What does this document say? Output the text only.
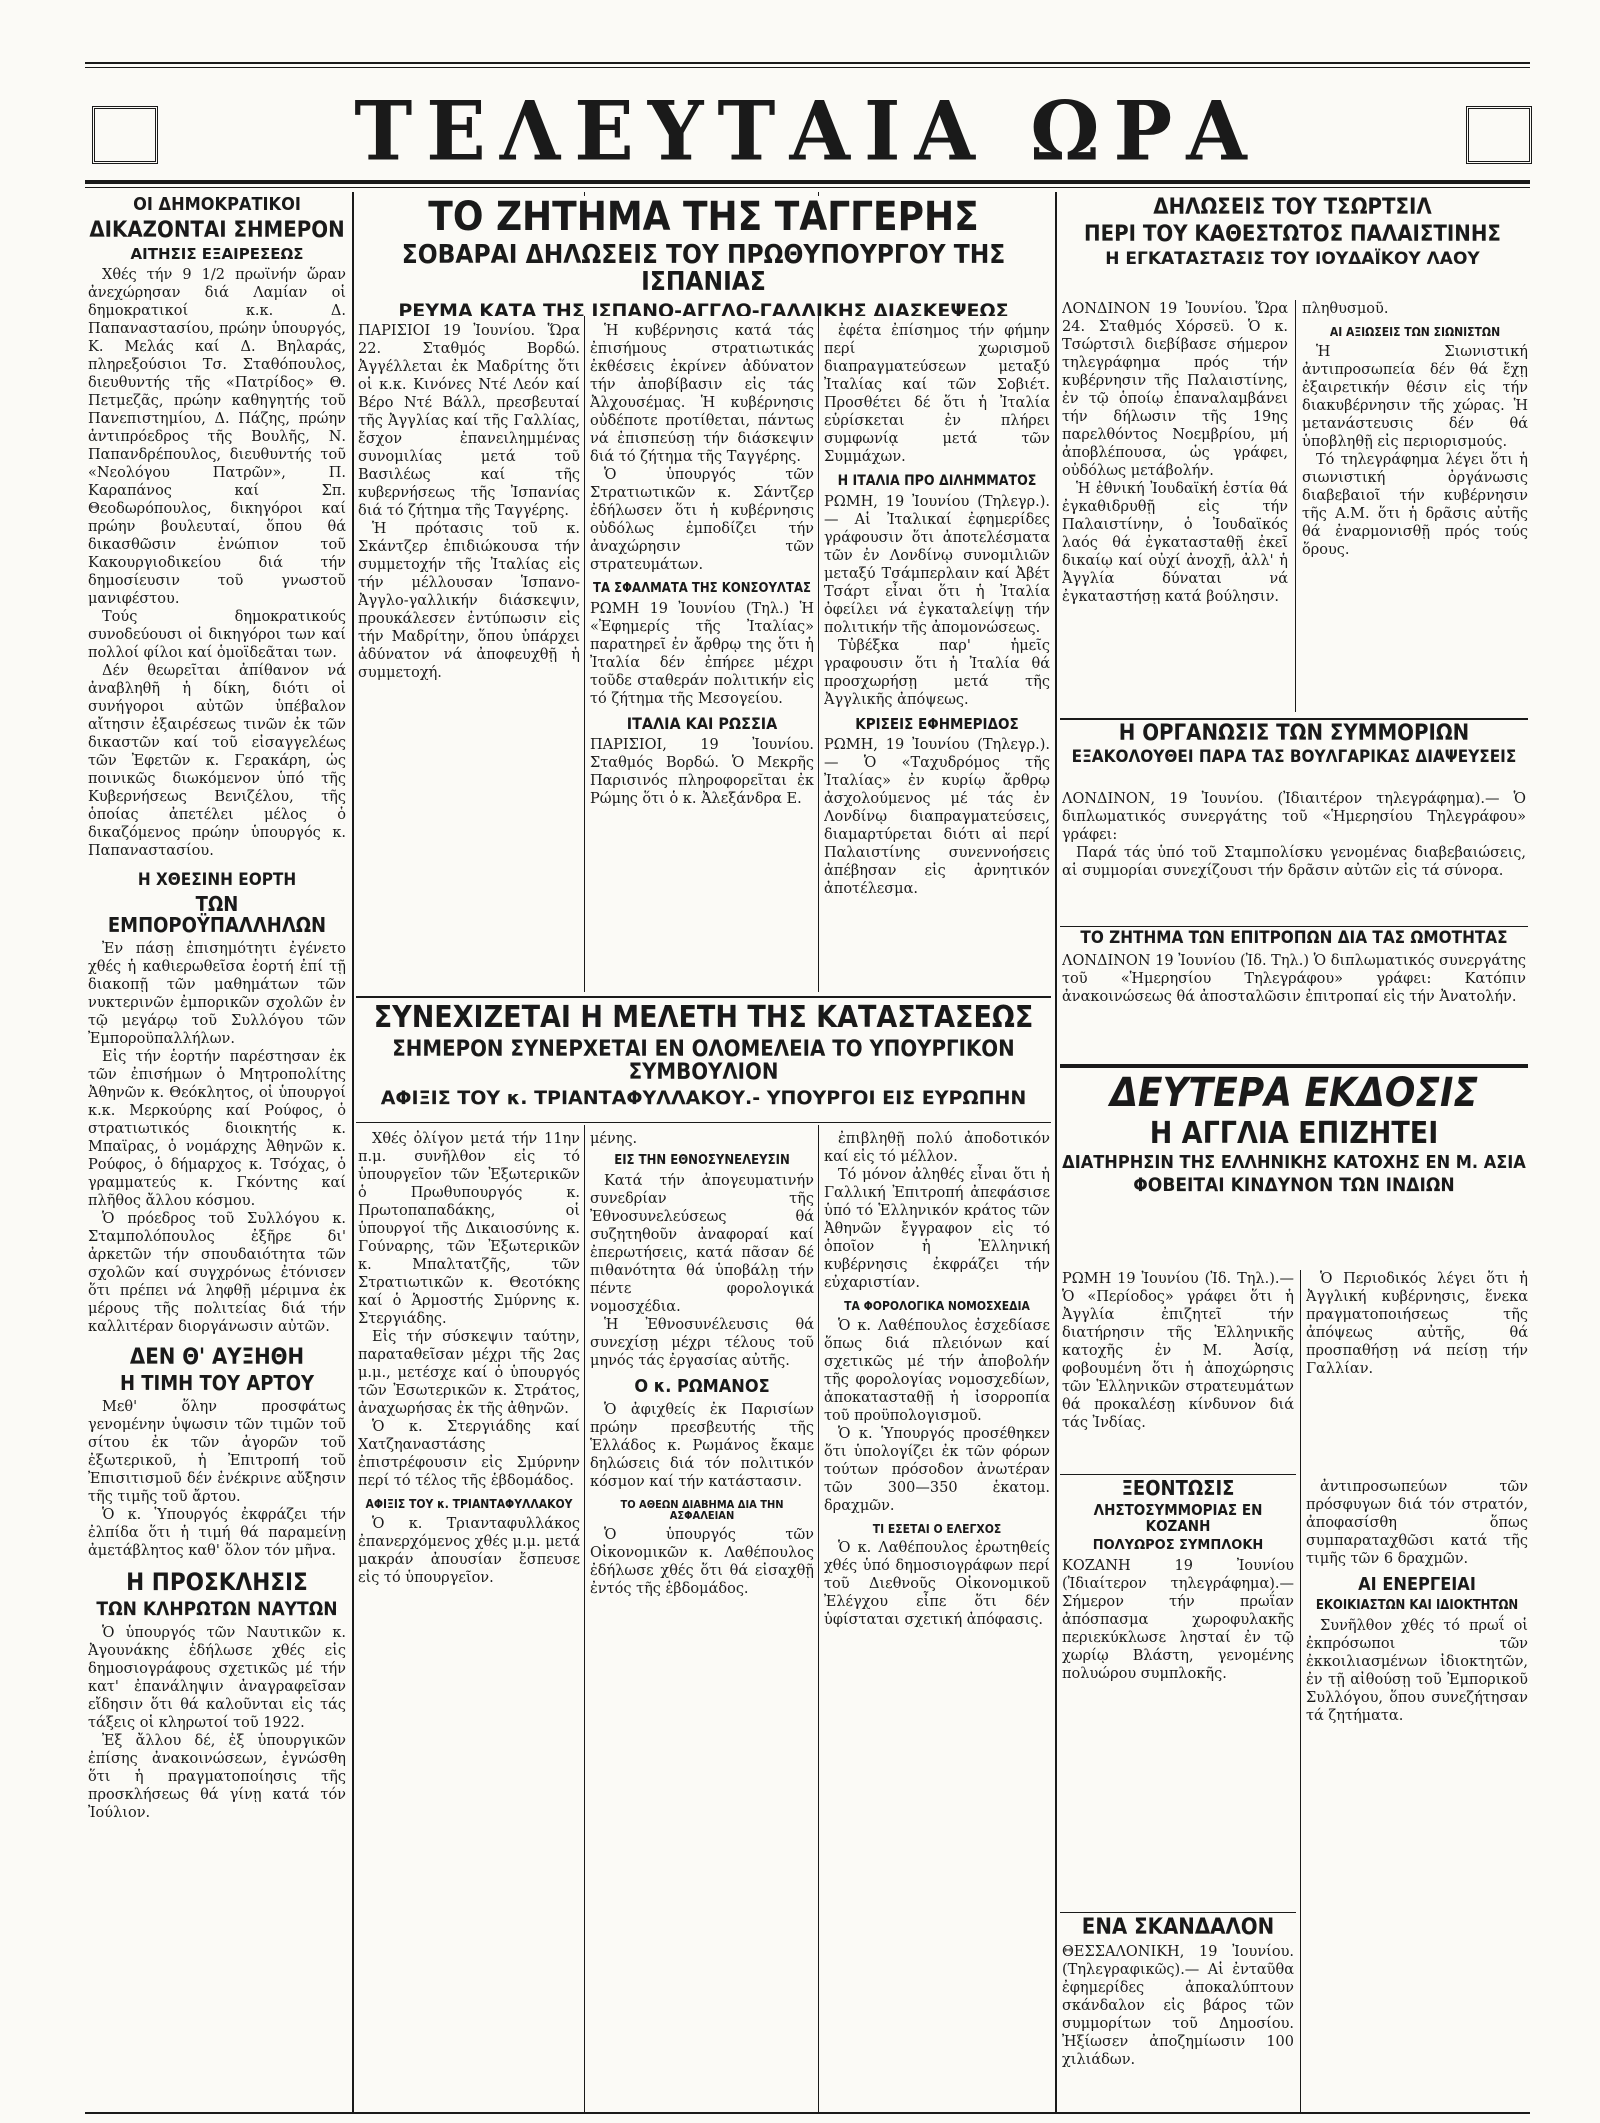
ΤΕΛΕΥΤΑΙΑ ΩΡΑ
ΟΙ ΔΗΜΟΚΡΑΤΙΚΟΙ
ΔΙΚΑΖΟΝΤΑΙ ΣΗΜΕΡΟΝ
ΑΙΤΗΣΙΣ ΕΞΑΙΡΕΣΕΩΣ

Χθές τήν 9 1/2 πρωϊνήν ὥραν ἀνεχώρησαν διά Λαμίαν οἱ δημοκρατικοί κ.κ. Δ. Παπαναστασίου, πρώην ὑπουργός, Κ. Μελάς καί Δ. Βηλαράς, πληρεξούσιοι Τσ. Σταθόπουλος, διευθυντής τῆς «Πατρίδος» Θ. Πετμεζᾶς, πρώην καθηγητής τοῦ Πανεπιστημίου, Δ. Πάζης, πρώην ἀντιπρόεδρος τῆς Βουλῆς, Ν. Παπανδρέπουλος, διευθυντής τοῦ «Νεολόγου Πατρῶν», Π. Καραπάνος καί Σπ. Θεοδωρόπουλος, δικηγόροι καί πρώην βουλευταί, ὅπου θά δικασθῶσιν ἐνώπιον τοῦ Κακουργιοδικείου διά τήν δημοσίευσιν τοῦ γνωστοῦ μανιφέστου.

Τούς δημοκρατικούς συνοδεύουσι οἱ δικηγόροι των καί πολλοί φίλοι καί ὁμοϊδεᾶται των.

Δέν θεωρεῖται ἀπίθανον νά ἀναβληθῆ ἡ δίκη, διότι οἱ συνήγοροι αὐτῶν ὑπέβαλον αἴτησιν ἐξαιρέσεως τινῶν ἐκ τῶν δικαστῶν καί τοῦ εἰσαγγελέως τῶν Ἐφετῶν κ. Γερακάρη, ὡς ποινικῶς διωκόμενον ὑπό τῆς Κυβερνήσεως Βενιζέλου, τῆς ὁποίας ἀπετέλει μέλος ὁ δικαζόμενος πρώην ὑπουργός κ. Παπαναστασίου.

Η ΧΘΕΣΙΝΗ ΕΟΡΤΗ
ΤΩΝ ΕΜΠΟΡΟΫΠΑΛΛΗΛΩΝ

Ἐν πάσῃ ἐπισημότητι ἐγένετο χθές ἡ καθιερωθεῖσα ἑορτή ἐπί τῇ διακοπῇ τῶν μαθημάτων τῶν νυκτερινῶν ἐμπορικῶν σχολῶν ἐν τῷ μεγάρῳ τοῦ Συλλόγου τῶν Ἐμποροϋπαλλήλων.

Εἰς τήν ἑορτήν παρέστησαν ἐκ τῶν ἐπισήμων ὁ Μητροπολίτης Ἀθηνῶν κ. Θεόκλητος, οἱ ὑπουργοί κ.κ. Μερκούρης καί Ρούφος, ὁ στρατιωτικός διοικητής κ. Μπαϊρας, ὁ νομάρχης Ἀθηνῶν κ. Ρούφος, ὁ δήμαρχος κ. Τσόχας, ὁ γραμματεύς κ. Γκόντης καί πλῆθος ἄλλου κόσμου.

Ὁ πρόεδρος τοῦ Συλλόγου κ. Σταμπολόπουλος ἐξῆρε δι' ἀρκετῶν τήν σπουδαιότητα τῶν σχολῶν καί συγχρόνως ἐτόνισεν ὅτι πρέπει νά ληφθῇ μέριμνα ἐκ μέρους τῆς πολιτείας διά τήν καλλιτέραν διοργάνωσιν αὐτῶν.

ΔΕΝ Θ' ΑΥΞΗΘΗ
Η ΤΙΜΗ ΤΟΥ ΑΡΤΟΥ

Μεθ' ὅλην προσφάτως γενομένην ὑψωσιν τῶν τιμῶν τοῦ σίτου ἐκ τῶν ἀγορῶν τοῦ ἐξωτερικοῦ, ἡ Ἐπιτροπή τοῦ Ἐπισιτισμοῦ δέν ἐνέκρινε αὔξησιν τῆς τιμῆς τοῦ ἄρτου.

Ὁ κ. Ὑπουργός ἐκφράζει τήν ἐλπίδα ὅτι ἡ τιμή θά παραμείνῃ ἀμετάβλητος καθ' ὅλον τόν μῆνα.

Η ΠΡΟΣΚΛΗΣΙΣ
ΤΩΝ ΚΛΗΡΩΤΩΝ ΝΑΥΤΩΝ

Ὁ ὑπουργός τῶν Ναυτικῶν κ. Ἀγουνάκης ἐδήλωσε χθές εἰς δημοσιογράφους σχετικῶς μέ τήν κατ' ἐπανάληψιν ἀναγραφεῖσαν εἴδησιν ὅτι θά καλοῦνται εἰς τάς τάξεις οἱ κληρωτοί τοῦ 1922.

Ἐξ ἄλλου δέ, ἐξ ὑπουργικῶν ἐπίσης ἀνακοινώσεων, ἐγνώσθη ὅτι ἡ πραγματοποίησις τῆς προσκλήσεως θά γίνῃ κατά τόν Ἰούλιον.

ΤΟ ΖΗΤΗΜΑ ΤΗΣ ΤΑΓΓΕΡΗΣ
ΣΟΒΑΡΑΙ ΔΗΛΩΣΕΙΣ ΤΟΥ ΠΡΩΘΥΠΟΥΡΓΟΥ ΤΗΣ ΙΣΠΑΝΙΑΣ
ΡΕΥΜΑ ΚΑΤΑ ΤΗΣ ΙΣΠΑΝΟ-ΑΓΓΛΟ-ΓΑΛΛΙΚΗΣ ΔΙΑΣΚΕΨΕΩΣ

ΠΑΡΙΣΙΟΙ 19 Ἰουνίου. Ὥρα 22. Σταθμός Βορδώ. Ἀγγέλλεται ἐκ Μαδρίτης ὅτι οἱ κ.κ. Κινόνες Ντέ Λεόν καί Βέρο Ντέ Βάλλ, πρεσβευταί τῆς Ἀγγλίας καί τῆς Γαλλίας, ἔσχον ἐπανειλημμένας συνομιλίας μετά τοῦ Βασιλέως καί τῆς κυβερνήσεως τῆς Ἰσπανίας διά τό ζήτημα τῆς Ταγγέρης.

Ἡ πρότασις τοῦ κ. Σκάντζερ ἐπιδιώκουσα τήν συμμετοχήν τῆς Ἰταλίας εἰς τήν μέλλουσαν Ἱσπανο-Ἀγγλο-γαλλικήν διάσκεψιν, προυκάλεσεν ἐντύπωσιν εἰς τήν Μαδρίτην, ὅπου ὑπάρχει ἀδύνατον νά ἀποφευχθῇ ἡ συμμετοχή.

Ἡ κυβέρνησις κατά τάς ἐπισήμους στρατιωτικάς ἐκθέσεις ἐκρίνεν ἀδύνατον τήν ἀποβίβασιν εἰς τάς Ἀλχουσέμας. Ἡ κυβέρνησις οὐδέποτε προτίθεται, πάντως νά ἐπισπεύσῃ τήν διάσκεψιν διά τό ζήτημα τῆς Ταγγέρης.

Ὁ ὑπουργός τῶν Στρατιωτικῶν κ. Σάντζερ ἐδήλωσεν ὅτι ἡ κυβέρνησις οὐδόλως ἐμποδίζει τήν ἀναχώρησιν τῶν στρατευμάτων.

ΤΑ ΣΦΑΛΜΑΤΑ ΤΗΣ ΚΟΝΣΟΥΛΤΑΣ

ΡΩΜΗ 19 Ἰουνίου (Τηλ.) Ἡ «Ἐφημερίς τῆς Ἰταλίας» παρατηρεῖ ἐν ἄρθρῳ της ὅτι ἡ Ἰταλία δέν ἐπήρεε μέχρι τοῦδε σταθεράν πολιτικήν εἰς τό ζήτημα τῆς Μεσογείου.

ΙΤΑΛΙΑ ΚΑΙ ΡΩΣΣΙΑ

ΠΑΡΙΣΙΟΙ, 19 Ἰουνίου. Σταθμός Βορδώ. Ὁ Μεκρῆς Παρισινός πληροφορεῖται ἐκ Ρώμης ὅτι ὁ κ. Ἀλεξάνδρα Ε.

ἐφέτα ἐπίσημος τήν φήμην περί χωρισμοῦ διαπραγματεύσεων μεταξύ Ἰταλίας καί τῶν Σοβιέτ. Προσθέτει δέ ὅτι ἡ Ἰταλία εὑρίσκεται ἐν πλήρει συμφωνίᾳ μετά τῶν Συμμάχων.

Η ΙΤΑΛΙΑ ΠΡΟ ΔΙΛΗΜΜΑΤΟΣ

ΡΩΜΗ, 19 Ἰουνίου (Τηλεγρ.). — Αἱ Ἰταλικαί ἐφημερίδες γράφουσιν ὅτι ἀποτελέσματα τῶν ἐν Λονδίνῳ συνομιλιῶν μεταξύ Τσάμπερλαιν καί Ἀβέτ Τσάρτ εἶναι ὅτι ἡ Ἰταλία ὀφείλει νά ἐγκαταλείψῃ τήν πολιτικήν τῆς ἀπομονώσεως.

Τὐβέξκα παρ' ἡμεῖς γραφουσιν ὅτι ἡ Ἰταλία θά προσχωρήσῃ μετά τῆς Ἀγγλικῆς ἀπόψεως.

ΚΡΙΣΕΙΣ ΕΦΗΜΕΡΙΔΟΣ

ΡΩΜΗ, 19 Ἰουνίου (Τηλεγρ.).— Ὁ «Ταχυδρόμος τῆς Ἰταλίας» ἐν κυρίῳ ἄρθρῳ ἀσχολούμενος μέ τάς ἐν Λονδίνῳ διαπραγματεύσεις, διαμαρτύρεται διότι αἱ περί Παλαιστίνης συνεννοήσεις ἀπέβησαν εἰς ἀρνητικόν ἀποτέλεσμα.

ΣΥΝΕΧΙΖΕΤΑΙ Η ΜΕΛΕΤΗ ΤΗΣ ΚΑΤΑΣΤΑΣΕΩΣ
ΣΗΜΕΡΟΝ ΣΥΝΕΡΧΕΤΑΙ ΕΝ ΟΛΟΜΕΛΕΙΑ ΤΟ ΥΠΟΥΡΓΙΚΟΝ ΣΥΜΒΟΥΛΙΟΝ
ΑΦΙΞΙΣ ΤΟΥ κ. ΤΡΙΑΝΤΑΦΥΛΛΑΚΟΥ.- ΥΠΟΥΡΓΟΙ ΕΙΣ ΕΥΡΩΠΗΝ

Χθές ὀλίγον μετά τήν 11ην π.μ. συνῆλθον εἰς τό ὑπουργεῖον τῶν Ἐξωτερικῶν ὁ Πρωθυπουργός κ. Πρωτοπαπαδάκης, οἱ ὑπουργοί τῆς Δικαιοσύνης κ. Γούναρης, τῶν Ἐξωτερικῶν κ. Μπαλτατζῆς, τῶν Στρατιωτικῶν κ. Θεοτόκης καί ὁ Ἁρμοστής Σμύρνης κ. Στεργιάδης.

Εἰς τήν σύσκεψιν ταύτην, παραταθεῖσαν μέχρι τῆς 2ας μ.μ., μετέσχε καί ὁ ὑπουργός τῶν Ἐσωτερικῶν κ. Στράτος, ἀναχωρήσας ἐκ τῆς ἀθηνῶν.

Ὁ κ. Στεργιάδης καί Χατζηαναστάσης ἐπιστρέφουσιν εἰς Σμύρνην περί τό τέλος τῆς ἑβδομάδος.

ΑΦΙΞΙΣ ΤΟΥ κ. ΤΡΙΑΝΤΑΦΥΛΛΑΚΟΥ

Ὁ κ. Τριανταφυλλάκος ἐπανερχόμενος χθές μ.μ. μετά μακράν ἀπουσίαν ἔσπευσε εἰς τό ὑπουργεῖον.

μένης.

ΕΙΣ ΤΗΝ ΕΘΝΟΣΥΝΕΛΕΥΣΙΝ

Κατά τήν ἀπογευματινήν συνεδρίαν τῆς Ἐθνοσυνελεύσεως θά συζητηθοῦν ἀναφοραί καί ἐπερωτήσεις, κατά πᾶσαν δέ πιθανότητα θά ὑποβάλῃ τήν πέντε φορολογικά νομοσχέδια.

Ἡ Ἐθνοσυνέλευσις θά συνεχίσῃ μέχρι τέλους τοῦ μηνός τάς ἐργασίας αὐτῆς.

Ο κ. ΡΩΜΑΝΟΣ

Ὁ ἀφιχθείς ἐκ Παρισίων πρώην πρεσβευτής τῆς Ἑλλάδος κ. Ρωμάνος ἔκαμε δηλώσεις διά τόν πολιτικόν κόσμον καί τήν κατάστασιν.

ΤΟ ΑΘΕΩΝ ΔΙΑΒΗΜΑ ΔΙΑ ΤΗΝ ΑΣΦΑΛΕΙΑΝ

Ὁ ὑπουργός τῶν Οἰκονομικῶν κ. Λαθέπουλος ἐδήλωσε χθές ὅτι θά εἰσαχθῇ ἐντός τῆς ἑβδομάδος.

ἐπιβληθῇ πολύ ἀποδοτικόν καί εἰς τό μέλλον.

Τό μόνον ἀληθές εἶναι ὅτι ἡ Γαλλική Ἐπιτροπή ἀπεφάσισε ὑπό τό Ἑλληνικόν κράτος τῶν Ἀθηνῶν ἔγγραφον εἰς τό ὁποῖον ἡ Ἑλληνική κυβέρνησις ἐκφράζει τήν εὐχαριστίαν.

ΤΑ ΦΟΡΟΛΟΓΙΚΑ ΝΟΜΟΣΧΕΔΙΑ

Ὁ κ. Λαθέπουλος ἐσχεδίασε ὅπως διά πλειόνων καί σχετικῶς μέ τήν ἀποβολήν τῆς φορολογίας νομοσχεδίων, ἀποκατασταθῇ ἡ ἰσορροπία τοῦ προϋπολογισμοῦ.

Ὁ κ. Ὑπουργός προσέθηκεν ὅτι ὑπολογίζει ἐκ τῶν φόρων τούτων πρόσοδον ἀνωτέραν τῶν 300—350 ἑκατομ. δραχμῶν.

ΤΙ ΕΣΕΤΑΙ Ο ΕΛΕΓΧΟΣ

Ὁ κ. Λαθέπουλος ἐρωτηθείς χθές ὑπό δημοσιογράφων περί τοῦ Διεθνοῦς Οἰκονομικοῦ Ἐλέγχου εἶπε ὅτι δέν ὑφίσταται σχετική ἀπόφασις.

ΔΗΛΩΣΕΙΣ ΤΟΥ ΤΣΩΡΤΣΙΛ
ΠΕΡΙ ΤΟΥ ΚΑΘΕΣΤΩΤΟΣ ΠΑΛΑΙΣΤΙΝΗΣ
Η ΕΓΚΑΤΑΣΤΑΣΙΣ ΤΟΥ ΙΟΥΔΑΪΚΟΥ ΛΑΟΥ

ΛΟΝΔΙΝΟΝ 19 Ἰουνίου. Ὥρα 24. Σταθμός Χόρσεϋ. Ὁ κ. Τσώρτσιλ διεβίβασε σήμερον τηλεγράφημα πρός τήν κυβέρνησιν τῆς Παλαιστίνης, ἐν τῷ ὁποίῳ ἐπαναλαμβάνει τήν δήλωσιν τῆς 19ης παρελθόντος Νοεμβρίου, μή ἀποβλέπουσα, ὡς γράφει, οὐδόλως μετάβολήν.

Ἡ ἐθνική Ἰουδαϊκή ἑστία θά ἐγκαθιδρυθῇ εἰς τήν Παλαιστίνην, ὁ Ἰουδαϊκός λαός θά ἐγκατασταθῇ ἐκεῖ δικαίῳ καί οὐχί ἀνοχῇ, ἀλλ' ἡ Ἀγγλία δύναται νά ἐγκαταστήσῃ κατά βούλησιν.

πληθυσμοῦ.

ΑΙ ΑΞΙΩΣΕΙΣ ΤΩΝ ΣΙΩΝΙΣΤΩΝ

Ἡ Σιωνιστική ἀντιπροσωπεία δέν θά ἔχῃ ἐξαιρετικήν θέσιν εἰς τήν διακυβέρνησιν τῆς χώρας. Ἡ μετανάστευσις δέν θά ὑποβληθῇ εἰς περιορισμούς.

Τό τηλεγράφημα λέγει ὅτι ἡ σιωνιστική ὀργάνωσις διαβεβαιοῖ τήν κυβέρνησιν τῆς Α.Μ. ὅτι ἡ δρᾶσις αὐτῆς θά ἐναρμονισθῇ πρός τούς ὅρους.

Η ΟΡΓΑΝΩΣΙΣ ΤΩΝ ΣΥΜΜΟΡΙΩΝ
ΕΞΑΚΟΛΟΥΘΕΙ ΠΑΡΑ ΤΑΣ ΒΟΥΛΓΑΡΙΚΑΣ ΔΙΑΨΕΥΣΕΙΣ

ΛΟΝΔΙΝΟΝ, 19 Ἰουνίου. (Ἰδιαιτέρον τηλεγράφημα).— Ὁ διπλωματικός συνεργάτης τοῦ «Ἡμερησίου Τηλεγράφου» γράφει:

Παρά τάς ὑπό τοῦ Σταμπολίσκυ γενομένας διαβεβαιώσεις, αἱ συμμορίαι συνεχίζουσι τήν δρᾶσιν αὐτῶν εἰς τά σύνορα.

ΤΟ ΖΗΤΗΜΑ ΤΩΝ ΕΠΙΤΡΟΠΩΝ ΔΙΑ ΤΑΣ ΩΜΟΤΗΤΑΣ

ΛΟΝΔΙΝΟΝ 19 Ἰουνίου (Ἰδ. Τηλ.) Ὁ διπλωματικός συνεργάτης τοῦ «Ἡμερησίου Τηλεγράφου» γράφει: Κατόπιν ἀνακοινώσεως θά ἀποσταλῶσιν ἐπιτροπαί εἰς τήν Ἀνατολήν.

ΔΕΥΤΕΡΑ ΕΚΔΟΣΙΣ
Η ΑΓΓΛΙΑ ΕΠΙΖΗΤΕΙ
ΔΙΑΤΗΡΗΣΙΝ ΤΗΣ ΕΛΛΗΝΙΚΗΣ ΚΑΤΟΧΗΣ ΕΝ Μ. ΑΣΙΑ
ΦΟΒΕΙΤΑΙ ΚΙΝΔΥΝΟΝ ΤΩΝ ΙΝΔΙΩΝ

ΡΩΜΗ 19 Ἰουνίου (Ἰδ. Τηλ.).— Ὁ «Περίοδος» γράφει ὅτι ἡ Ἀγγλία ἐπιζητεῖ τήν διατήρησιν τῆς Ἑλληνικῆς κατοχῆς ἐν Μ. Ἀσίᾳ, φοβουμένη ὅτι ἡ ἀποχώρησις τῶν Ἑλληνικῶν στρατευμάτων θά προκαλέσῃ κίνδυνον διά τάς Ἰνδίας.

Ὁ Περιοδικός λέγει ὅτι ἡ Ἀγγλική κυβέρνησις, ἕνεκα πραγματοποιήσεως τῆς ἀπόψεως αὐτῆς, θά προσπαθήσῃ νά πείσῃ τήν Γαλλίαν.

ΞΕΟΝΤΩΣΙΣ
ΛΗΣΤΟΣΥΜΜΟΡΙΑΣ ΕΝ ΚΟΖΑΝΗ
ΠΟΛΥΩΡΟΣ ΣΥΜΠΛΟΚΗ

ΚΟΖΑΝΗ 19 Ἰουνίου (Ἰδιαίτερον τηλεγράφημα).— Σήμερον τήν πρωΐαν ἀπόσπασμα χωροφυλακῆς περιεκύκλωσε λησταί ἐν τῷ χωρίῳ Βλάστη, γενομένης πολυώρου συμπλοκῆς.

ΕΝΑ ΣΚΑΝΔΑΛΟΝ

ΘΕΣΣΑΛΟΝΙΚΗ, 19 Ἰουνίου. (Τηλεγραφικῶς).— Αἱ ἐνταῦθα ἐφημερίδες ἀποκαλύπτουν σκάνδαλον εἰς βάρος τῶν συμμορίτων τοῦ Δημοσίου. Ἠξίωσεν ἀποζημίωσιν 100 χιλιάδων.

ἀντιπροσωπεύων τῶν πρόσφυγων διά τόν στρατόν, ἀποφασίσθη ὅπως συμπαραταχθῶσι κατά τῆς τιμῆς τῶν 6 δραχμῶν.

ΑΙ ΕΝΕΡΓΕΙΑΙ
ΕΚΟΙΚΙΑΣΤΩΝ ΚΑΙ ΙΔΙΟΚΤΗΤΩΝ

Συνῆλθον χθές τό πρωΐ οἱ ἐκπρόσωποι τῶν ἐκκοιλιασμένων ἰδιοκτητῶν, ἐν τῇ αἰθούσῃ τοῦ Ἐμπορικοῦ Συλλόγου, ὅπου συνεζήτησαν τά ζητήματα.
